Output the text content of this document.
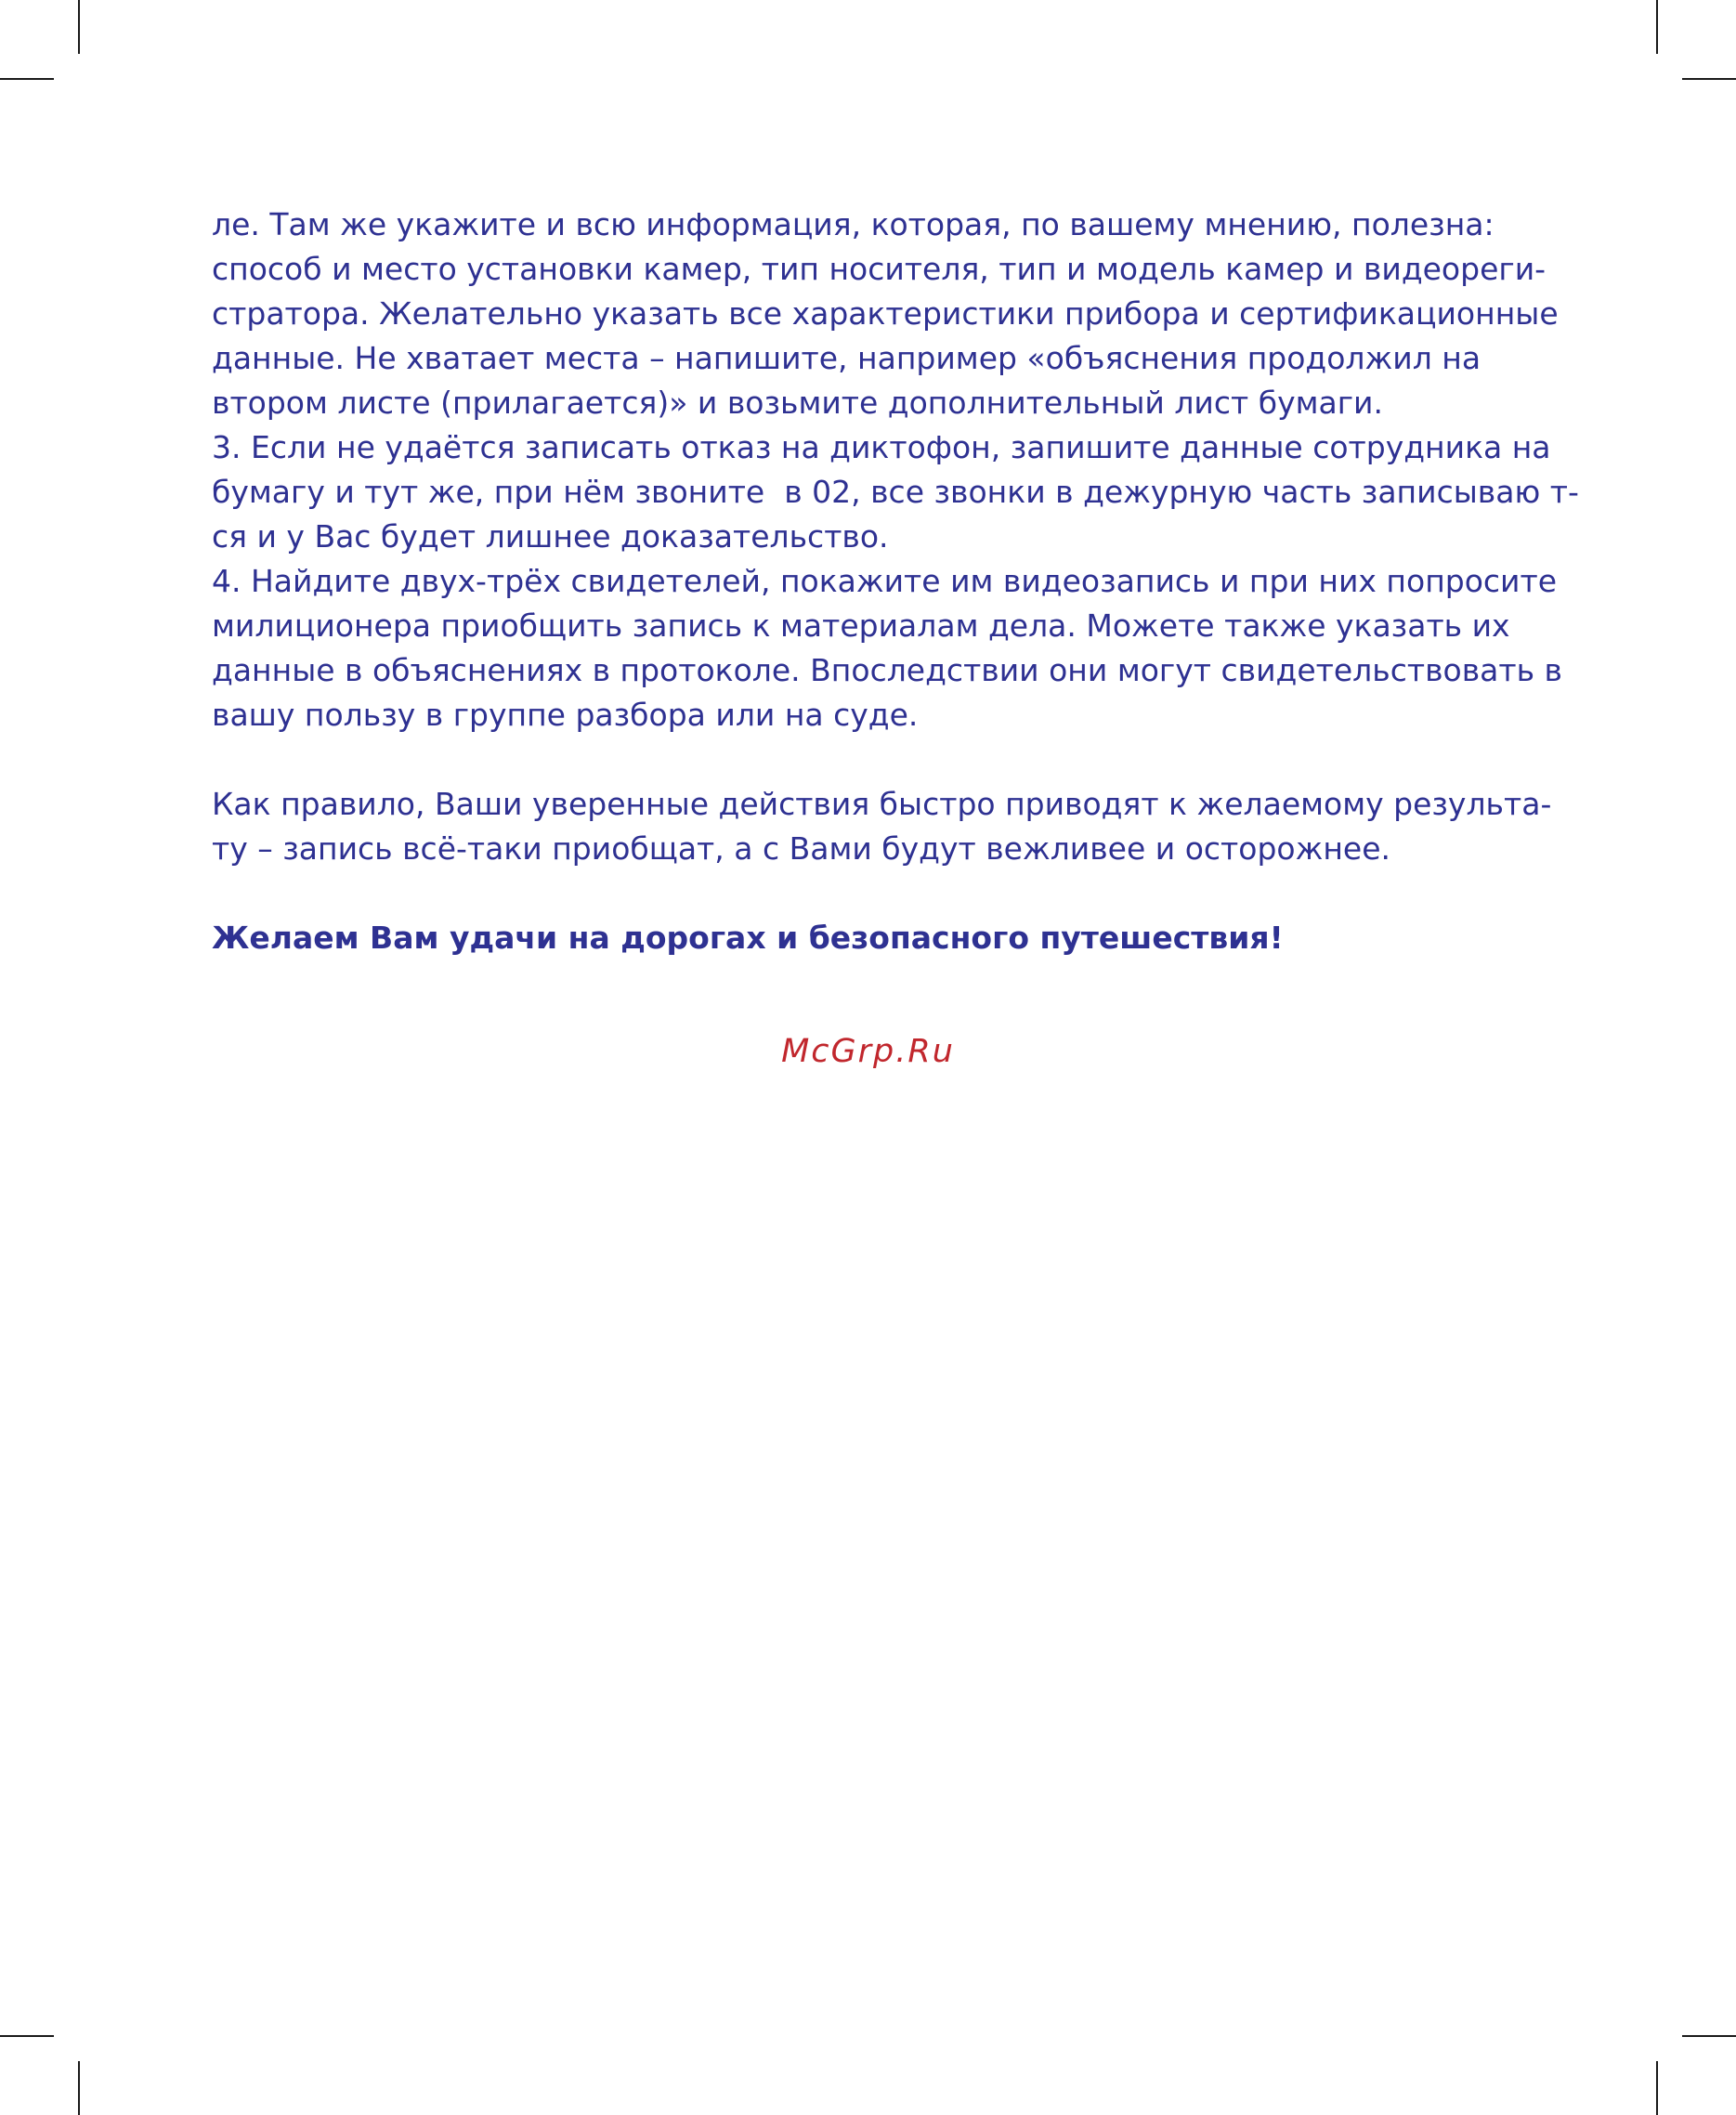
ле. Там же укажите и всю информация, которая, по вашему мнению, полезна:
способ и место установки камер, тип носителя, тип и модель камер и видеореги-
стратора. Желательно указать все характеристики прибора и сертификационные
данные. Не хватает места – напишите, например «объяснения продолжил на
втором листе (прилагается)» и возьмите дополнительный лист бумаги.
3. Если не удаётся записать отказ на диктофон, запишите данные сотрудника на
бумагу и тут же, при нём звоните  в 02, все звонки в дежурную часть записываю т-
ся и у Вас будет лишнее доказательство.
4. Найдите двух-трёх свидетелей, покажите им видеозапись и при них попросите
милиционера приобщить запись к материалам дела. Можете также указать их
данные в объяснениях в протоколе. Впоследствии они могут свидетельствовать в
вашу пользу в группе разбора или на суде.
Как правило, Ваши уверенные действия быстро приводят к желаемому результа-
ту – запись всё-таки приобщат, а с Вами будут вежливее и осторожнее.
Желаем Вам удачи на дорогах и безопасного путешествия!
McGrp.Ru
